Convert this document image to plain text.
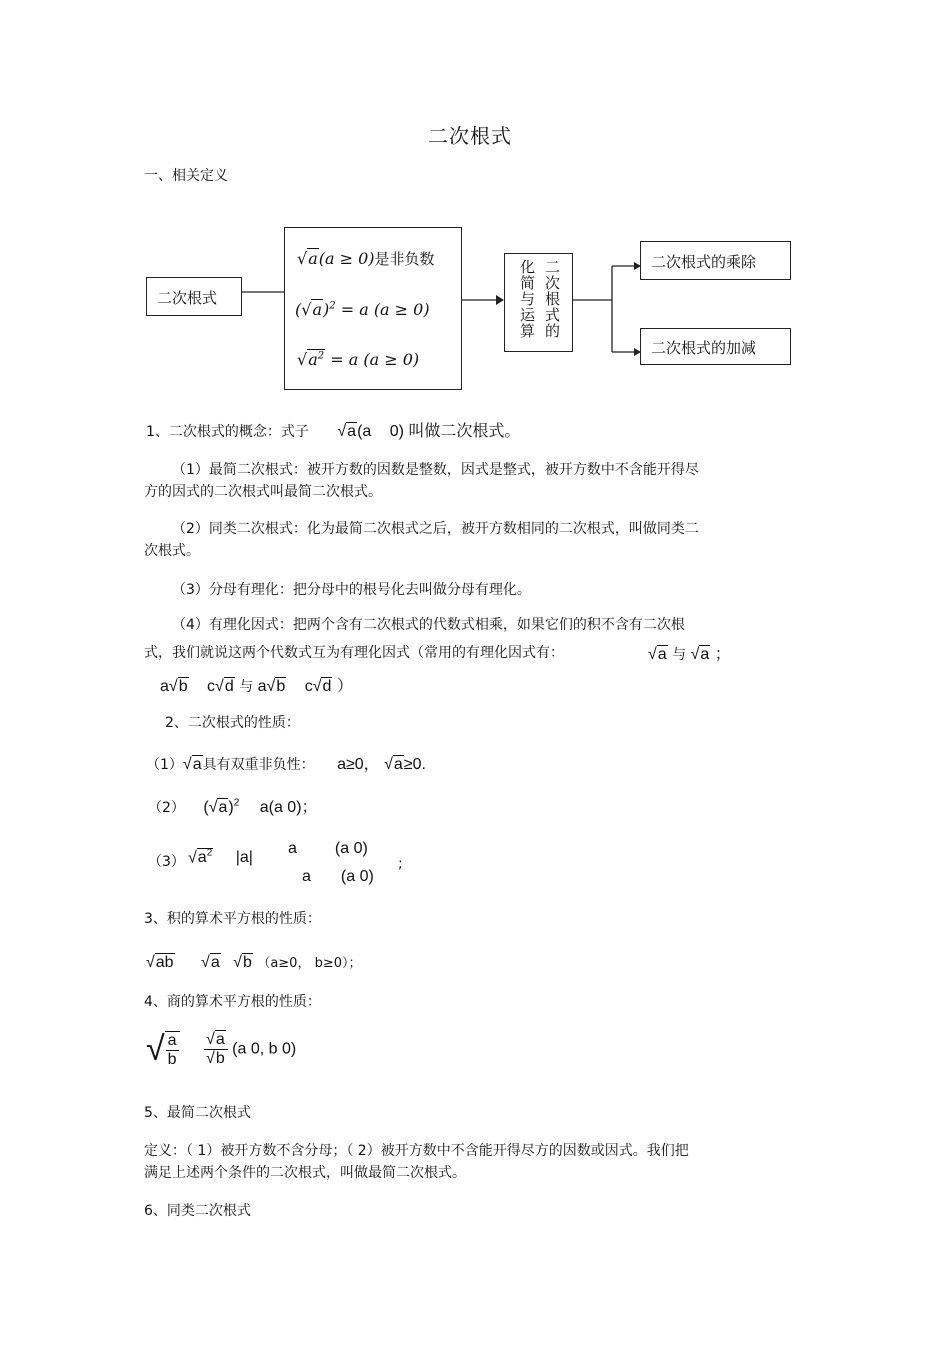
二次根式
一、相关定义
二次根式
√a(a ≥ 0)是非负数
$(√a)^2 = a$ (a ≥ 0)
$√a^2 = a$ (a ≥ 0)
二次根式的
化简与运算	二次根式的乘除
二次根式的加减
1、二次根式的概念：式子 √a(a 0) 叫做二次根式。
（1）最简二次根式：被开方数的因数是整数，因式是整式，被开方数中不含能开得尽
方的因式的二次根式叫最简二次根式。
（2）同类二次根式：化为最简二次根式之后，被开方数相同的二次根式，叫做同类二
次根式。
（3）分母有理化：把分母中的根号化去叫做分母有理化。
（4）有理化因式：把两个含有二次根式的代数式相乘，如果它们的积不含有二次根
式，我们就说这两个代数式互为有理化因式（常用的有理化因式有：	√a 与 √a ；
a√b c√d 与 a√b c√d ）
2、二次根式的性质：
（1）√a具有双重非负性： a≥0， √a≥0.
（2） $(√a)^2$ a(a 0)；
（3） $√a^2$ |a|
a (a 0)
a (a 0)
;
3、积的算术平方根的性质：
√ab √a √b （a≥0， b≥0）；
4、商的算术平方根的性质：
√ $\frac{a}{b}$
$\frac{√a}{√b} (a$ 0, b 0)
5、最简二次根式
定义：（ 1）被开方数不含分母；（ 2）被开方数中不含能开得尽方的因数或因式。我们把
满足上述两个条件的二次根式，叫做最简二次根式。
6、同类二次根式
